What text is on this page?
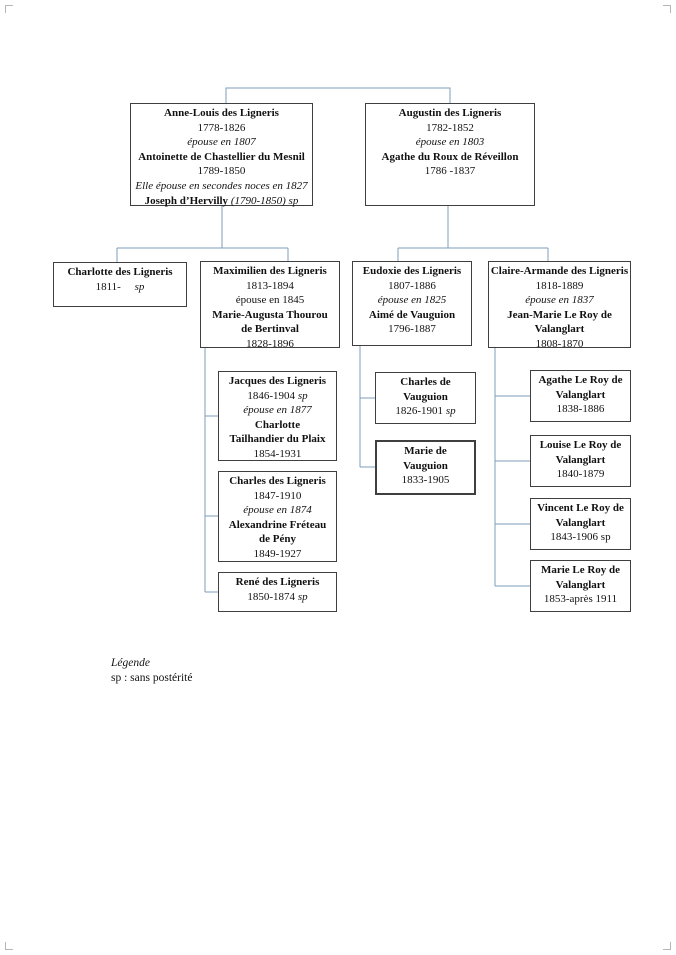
Anne-Louis des Ligneris
1778-1826
épouse en 1807
Antoinette de Chastellier du Mesnil
1789-1850
Elle épouse en secondes noces en 1827
Joseph d’Hervilly (1790-1850) sp
Augustin des Ligneris
1782-1852
épouse en 1803
Agathe du Roux de Réveillon
1786 -1837
Charlotte des Ligneris
1811-     sp
Maximilien des Ligneris
1813-1894
épouse en 1845
Marie-Augusta Thourou
de Bertinval
1828-1896
Eudoxie des Ligneris
1807-1886
épouse en 1825
Aimé de Vauguion
1796-1887
Claire-Armande des Ligneris
1818-1889
épouse en 1837
Jean-Marie Le Roy de
Valanglart
1808-1870
Jacques des Ligneris
1846-1904 sp
épouse en 1877
Charlotte
Tailhandier du Plaix
1854-1931
Charles des Ligneris
1847-1910
épouse en 1874
Alexandrine Fréteau
de Pény
1849-1927
René des Ligneris
1850-1874 sp
Charles de
Vauguion
1826-1901 sp
Marie de
Vauguion
1833-1905
Agathe Le Roy de
Valanglart
1838-1886
Louise Le Roy de
Valanglart
1840-1879
Vincent Le Roy de
Valanglart
1843-1906 sp
Marie Le Roy de
Valanglart
1853-après 1911
Légende
sp : sans postérité
